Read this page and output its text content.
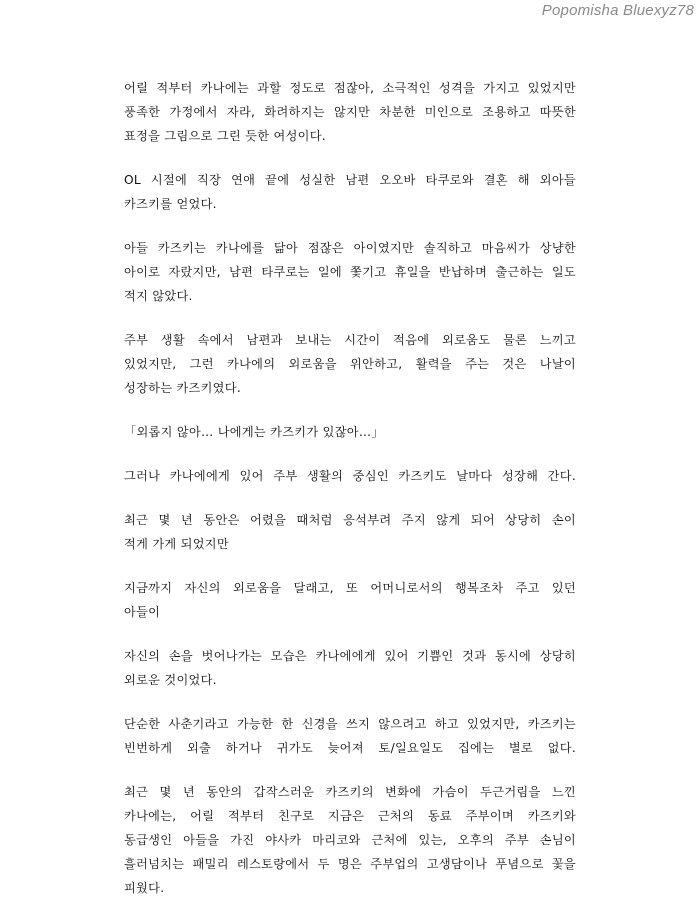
Popomisha Bluexyz78
어릴 적부터 카나에는 과할 정도로 점잖아, 소극적인 성격을 가지고 있었지만
풍족한 가정에서 자라, 화려하지는 않지만 차분한 미인으로 조용하고 따뜻한
표정을 그림으로 그린 듯한 여성이다.
OL 시절에 직장 연애 끝에 성실한 남편 오오바 타쿠로와 결혼 해 외아들
카즈키를 얻었다.
아들 카즈키는 카나에를 닮아 점잖은 아이였지만 솔직하고 마음씨가 상냥한
아이로 자랐지만, 남편 타쿠로는 일에 쫓기고 휴일을 반납하며 출근하는 일도
적지 않았다.
주부 생활 속에서 남편과 보내는 시간이 적음에 외로움도 물론 느끼고
있었지만, 그런 카나에의 외로움을 위안하고, 활력을 주는 것은 나날이
성장하는 카즈키였다.
「외롭지 않아… 나에게는 카즈키가 있잖아…」
그러나 카나에에게 있어 주부 생활의 중심인 카즈키도 날마다 성장해 간다.
최근 몇 년 동안은 어렸을 때처럼 응석부려 주지 않게 되어 상당히 손이
적게 가게 되었지만
지금까지 자신의 외로움을 달래고, 또 어머니로서의 행복조차 주고 있던
아들이
자신의 손을 벗어나가는 모습은 카나에에게 있어 기쁨인 것과 동시에 상당히
외로운 것이었다.
단순한 사춘기라고 가능한 한 신경을 쓰지 않으려고 하고 있었지만, 카즈키는
빈번하게 외출 하거나 귀가도 늦어져 토/일요일도 집에는 별로 없다.
최근 몇 년 동안의 갑작스러운 카즈키의 변화에 가슴이 두근거림을 느낀
카나에는, 어릴 적부터 친구로 지금은 근처의 동료 주부이며 카즈키와
동급생인 아들을 가진 야사카 마리코와 근처에 있는, 오후의 주부 손님이
흘러넘치는 패밀리 레스토랑에서 두 명은 주부업의 고생담이나 푸념으로 꽃을
피웠다.
